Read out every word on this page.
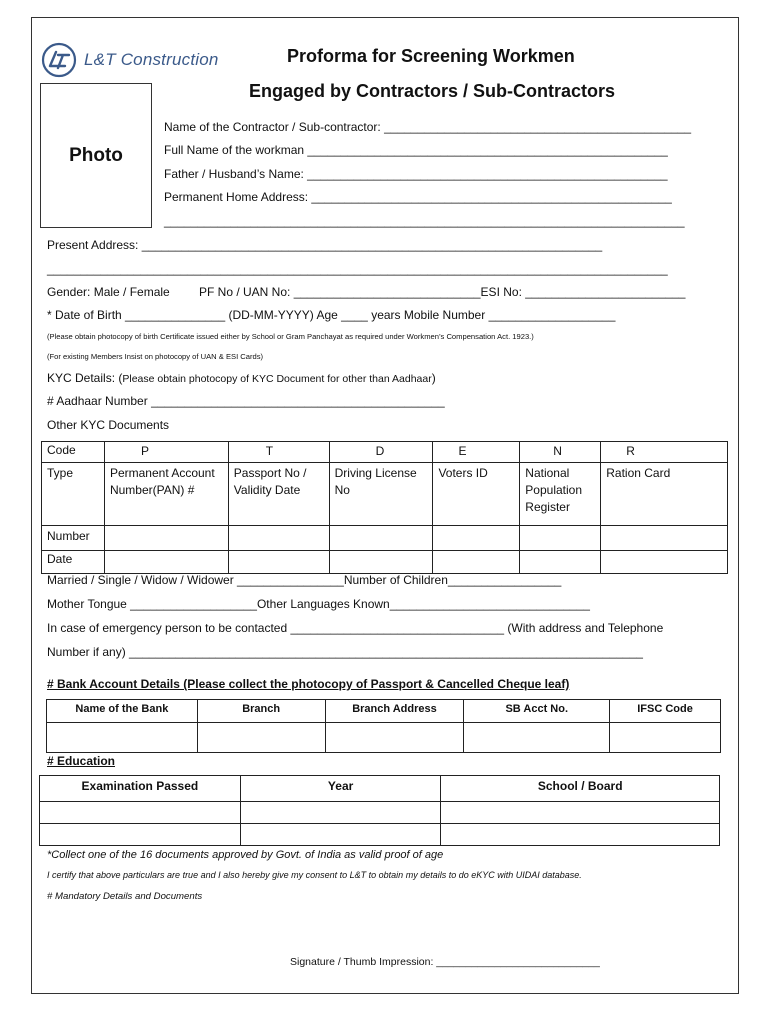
L&T Construction	Proforma for Screening Workmen
Engaged by Contractors / Sub-Contractors
Photo
Name of the Contractor / Sub-contractor: ______________________________________________
Full Name of the workman ______________________________________________________
Father / Husband’s Name: ______________________________________________________
Permanent Home Address: ______________________________________________________
______________________________________________________________________________
Present Address: _____________________________________________________________________
_____________________________________________________________________________________________
Gender: Male / Female PF No / UAN No: ____________________________ESI No: ________________________
* Date of Birth _______________ (DD-MM-YYYY) Age ____ years Mobile Number ___________________
(Please obtain photocopy of birth Certificate issued either by School or Gram Panchayat as required under Workmen’s Compensation Act. 1923.)
(For existing Members Insist on photocopy of UAN & ESI Cards)
KYC Details: (Please obtain photocopy of KYC Document for other than Aadhaar)
# Aadhaar Number ____________________________________________
Other KYC Documents
Code	P	T	D	E	N	R
Type	Permanent Account Number(PAN) #	Passport No / Validity Date	Driving License No	Voters ID	National Population Register	Ration Card
Number						
Date						
Married / Single / Widow / Widower ________________Number of Children_________________
Mother Tongue ___________________Other Languages Known______________________________
In case of emergency person to be contacted ________________________________ (With address and Telephone
Number if any) _____________________________________________________________________________
# Bank Account Details (Please collect the photocopy of Passport & Cancelled Cheque leaf)
Name of the Bank	Branch	Branch Address	SB Acct No.	IFSC Code

# Education
Examination Passed	Year	School / Board

*Collect one of the 16 documents approved by Govt. of India as valid proof of age
I certify that above particulars are true and I also hereby give my consent to L&T to obtain my details to do eKYC with UIDAI database.
# Mandatory Details and Documents
Signature / Thumb Impression: ____________________________
